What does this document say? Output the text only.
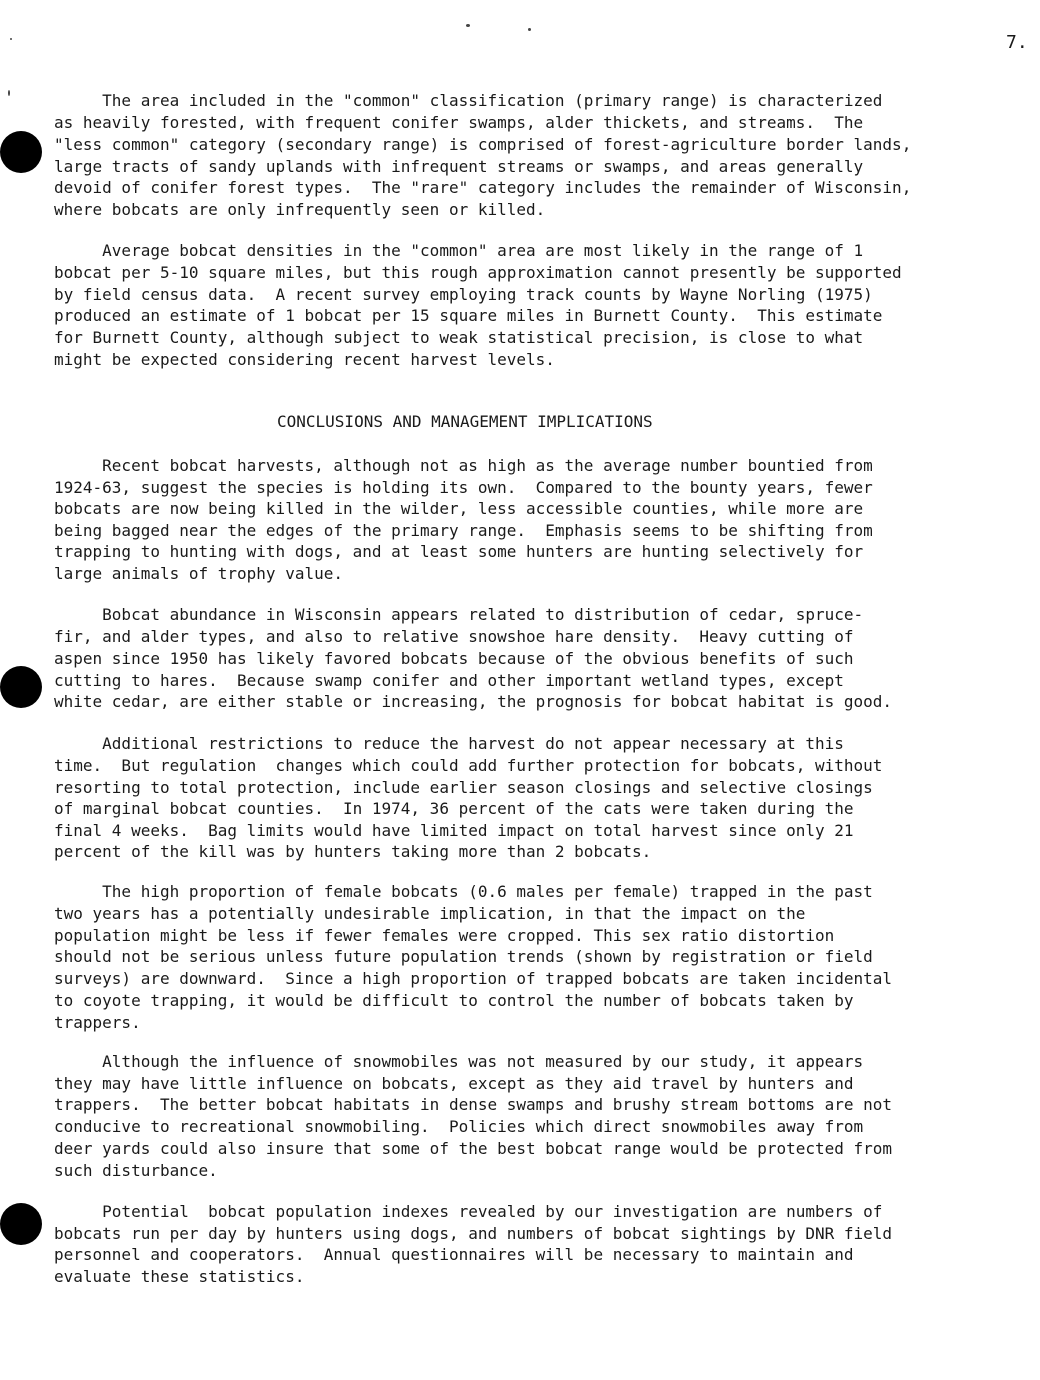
7.
CONCLUSIONS AND MANAGEMENT IMPLICATIONS
The area included in the "common" classification (primary range) is characterized
as heavily forested, with frequent conifer swamps, alder thickets, and streams.  The
"less common" category (secondary range) is comprised of forest-agriculture border lands,
large tracts of sandy uplands with infrequent streams or swamps, and areas generally
devoid of conifer forest types.  The "rare" category includes the remainder of Wisconsin,
where bobcats are only infrequently seen or killed.
Average bobcat densities in the "common" area are most likely in the range of 1
bobcat per 5-10 square miles, but this rough approximation cannot presently be supported
by field census data.  A recent survey employing track counts by Wayne Norling (1975)
produced an estimate of 1 bobcat per 15 square miles in Burnett County.  This estimate
for Burnett County, although subject to weak statistical precision, is close to what
might be expected considering recent harvest levels.
Recent bobcat harvests, although not as high as the average number bountied from
1924-63, suggest the species is holding its own.  Compared to the bounty years, fewer
bobcats are now being killed in the wilder, less accessible counties, while more are
being bagged near the edges of the primary range.  Emphasis seems to be shifting from
trapping to hunting with dogs, and at least some hunters are hunting selectively for
large animals of trophy value.
Bobcat abundance in Wisconsin appears related to distribution of cedar, spruce-
fir, and alder types, and also to relative snowshoe hare density.  Heavy cutting of
aspen since 1950 has likely favored bobcats because of the obvious benefits of such
cutting to hares.  Because swamp conifer and other important wetland types, except
white cedar, are either stable or increasing, the prognosis for bobcat habitat is good.
Additional restrictions to reduce the harvest do not appear necessary at this
time.  But regulation  changes which could add further protection for bobcats, without
resorting to total protection, include earlier season closings and selective closings
of marginal bobcat counties.  In 1974, 36 percent of the cats were taken during the
final 4 weeks.  Bag limits would have limited impact on total harvest since only 21
percent of the kill was by hunters taking more than 2 bobcats.
The high proportion of female bobcats (0.6 males per female) trapped in the past
two years has a potentially undesirable implication, in that the impact on the
population might be less if fewer females were cropped. This sex ratio distortion
should not be serious unless future population trends (shown by registration or field
surveys) are downward.  Since a high proportion of trapped bobcats are taken incidental
to coyote trapping, it would be difficult to control the number of bobcats taken by
trappers.
Although the influence of snowmobiles was not measured by our study, it appears
they may have little influence on bobcats, except as they aid travel by hunters and
trappers.  The better bobcat habitats in dense swamps and brushy stream bottoms are not
conducive to recreational snowmobiling.  Policies which direct snowmobiles away from
deer yards could also insure that some of the best bobcat range would be protected from
such disturbance.
Potential  bobcat population indexes revealed by our investigation are numbers of
bobcats run per day by hunters using dogs, and numbers of bobcat sightings by DNR field
personnel and cooperators.  Annual questionnaires will be necessary to maintain and
evaluate these statistics.
